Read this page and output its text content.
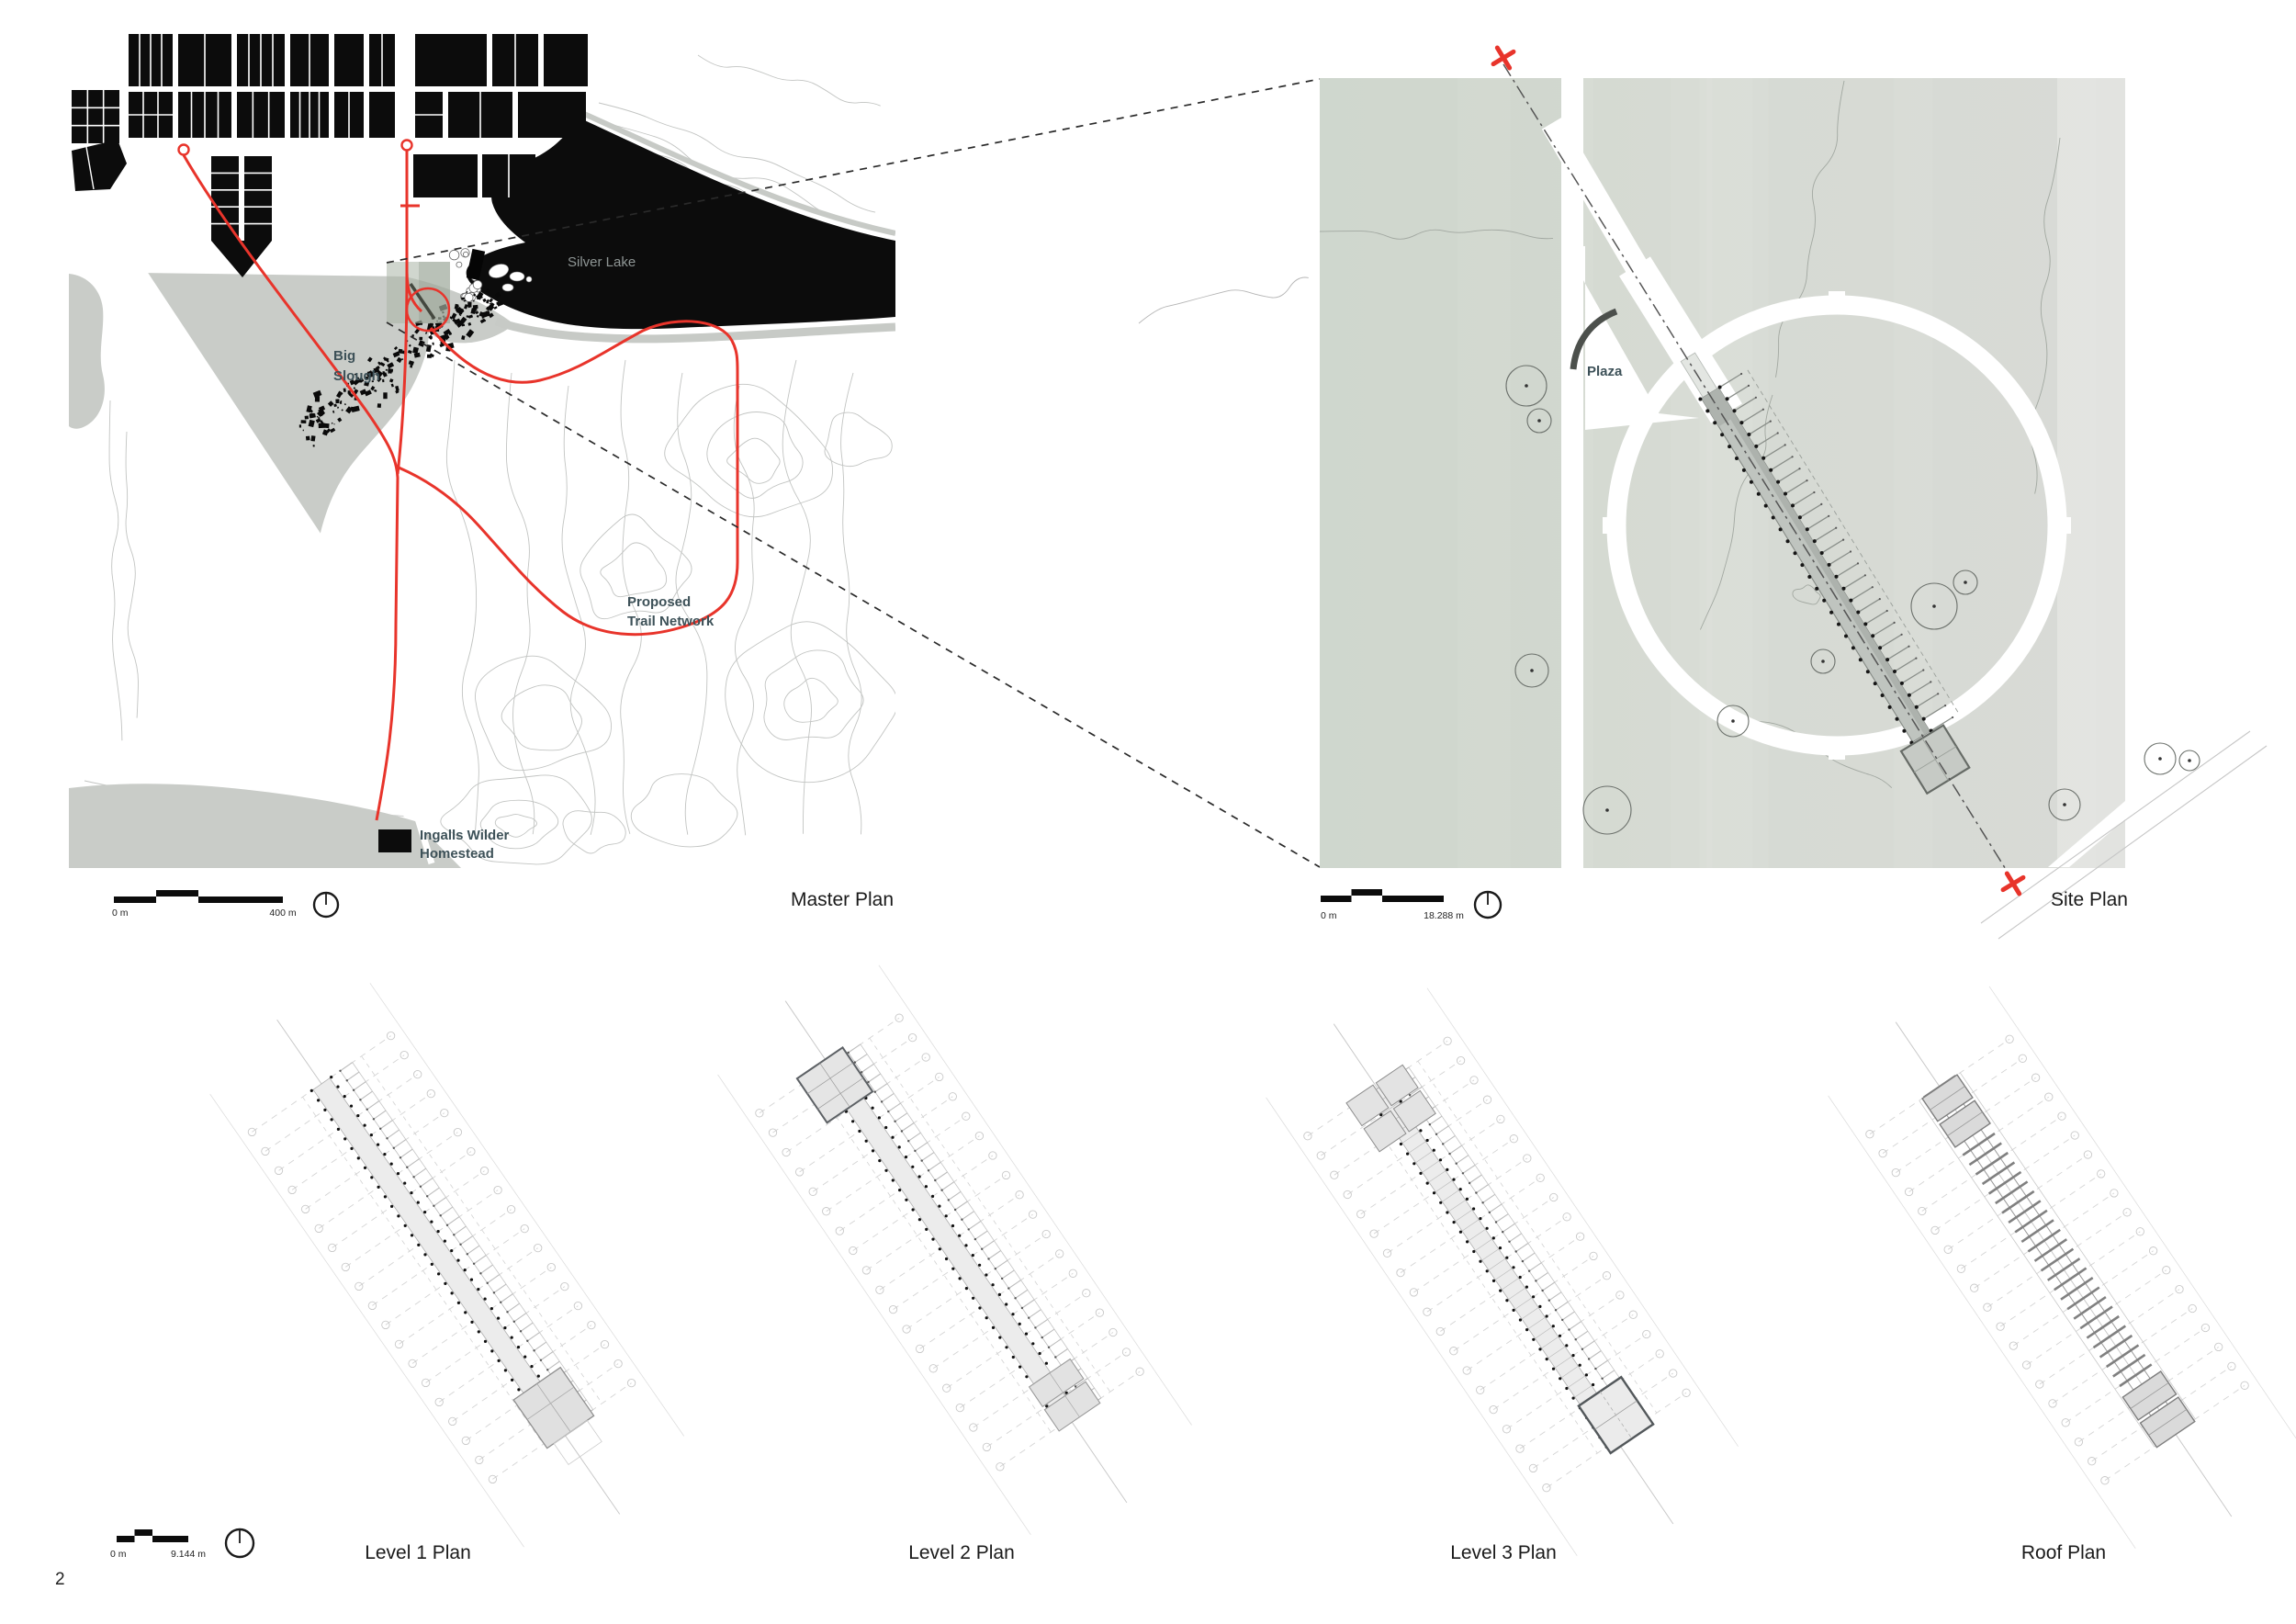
Silver Lake
Big
Slough
Proposed
Trail Network
Ingalls Wilder
Homestead
0 m	400 m
Master Plan
Plaza
0 m	18.288 m
Site Plan
Level 1 Plan	Level 2 Plan	Level 3 Plan	Roof Plan
0 m	9.144 m
2
